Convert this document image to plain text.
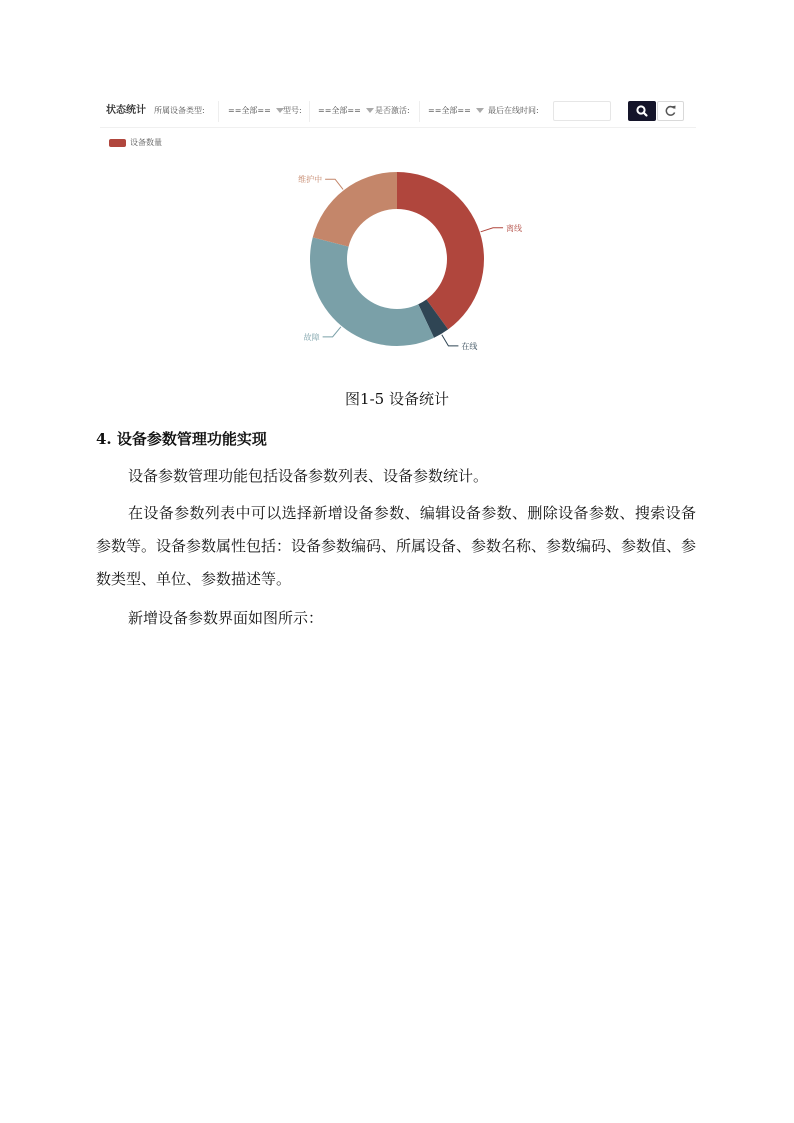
状态统计 所属设备类型:	==全部==	型号: ==全部==	是否激活: ==全部==	最后在线时间:
设备数量
离线
在线
故障
维护中
图1-5 设备统计
4. 设备参数管理功能实现
设备参数管理功能包括设备参数列表、设备参数统计。
在设备参数列表中可以选择新增设备参数、编辑设备参数、删除设备参数、搜索设备参数等。设备参数属性包括：设备参数编码、所属设备、参数名称、参数编码、参数值、参数类型、单位、参数描述等。
新增设备参数界面如图所示：
